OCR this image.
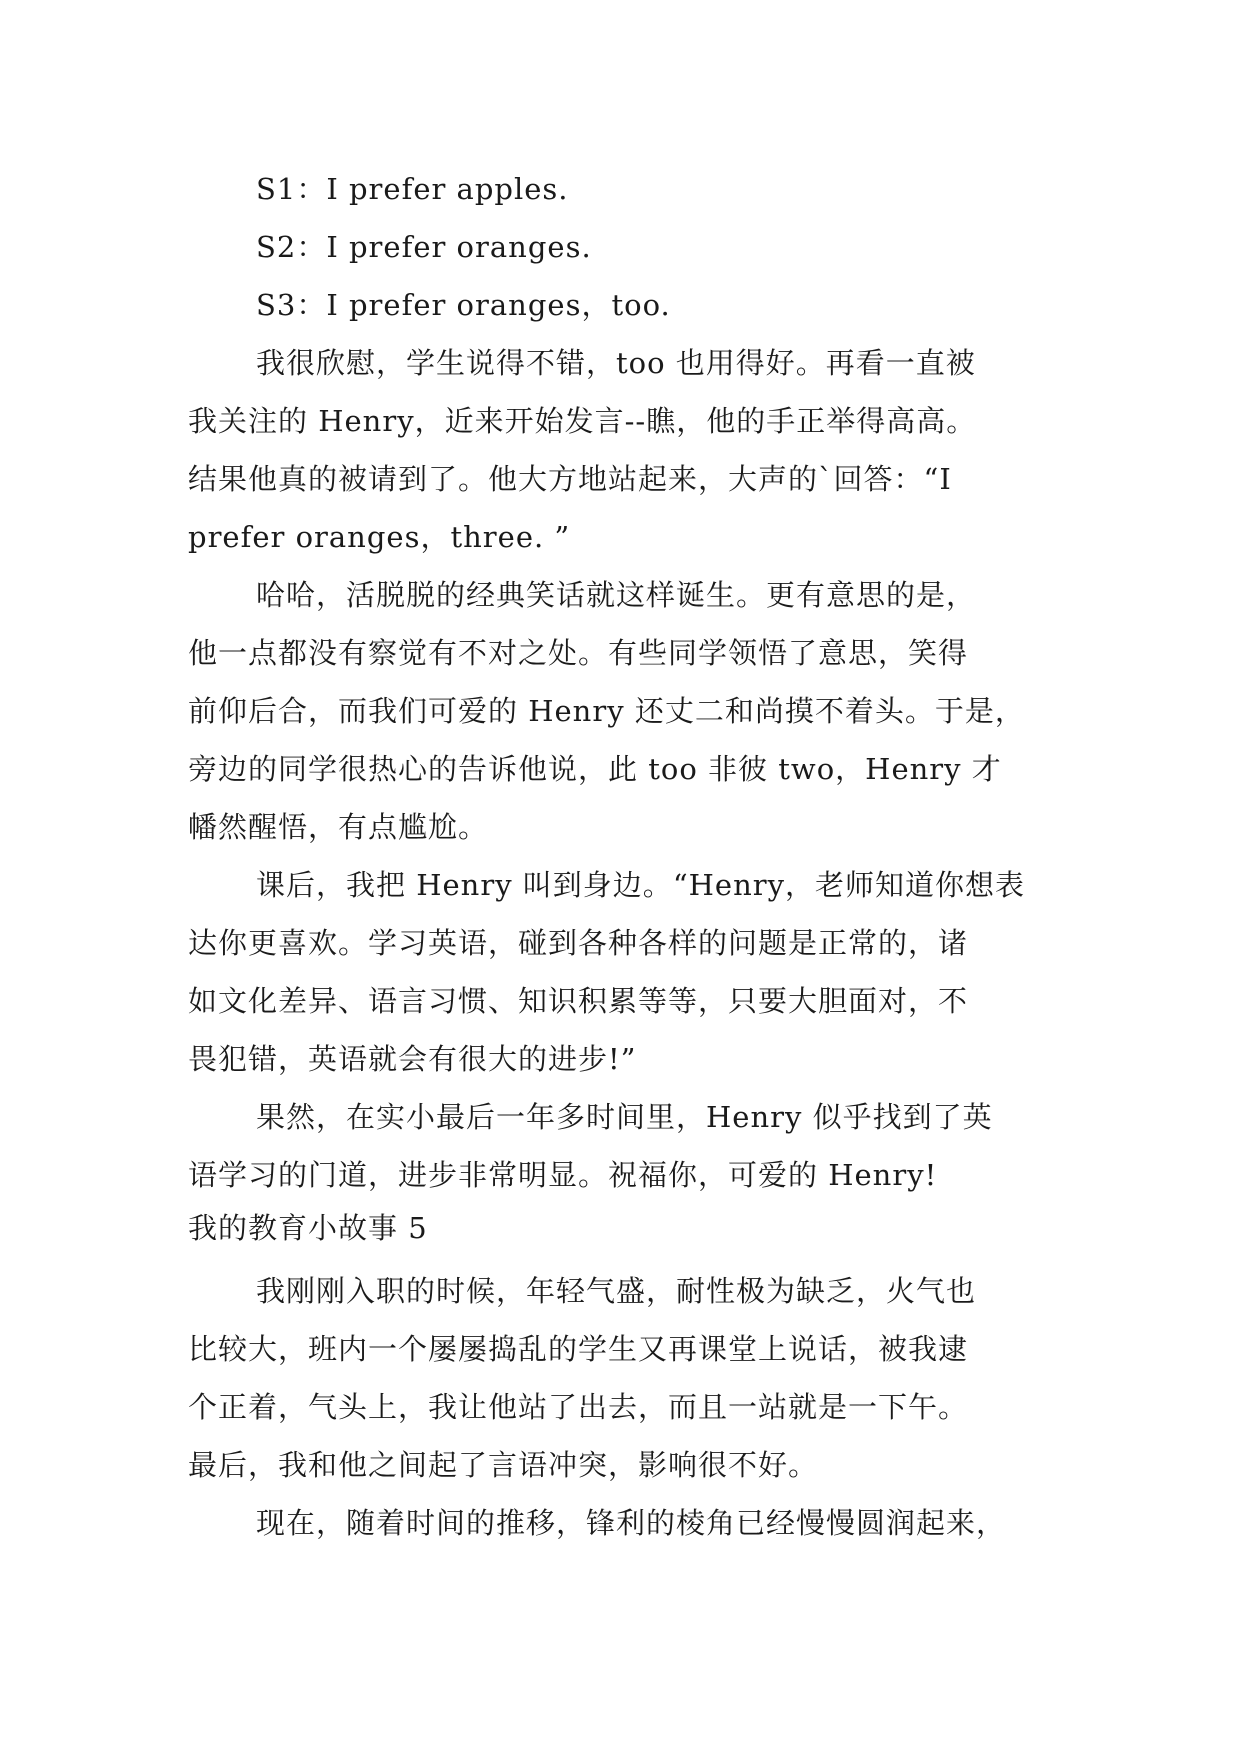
S1：I prefer apples.
S2：I prefer oranges.
S3：I prefer oranges，too.
我很欣慰，学生说得不错，too 也用得好。再看一直被
我关注的 Henry，近来开始发言--瞧，他的手正举得高高。
结果他真的被请到了。他大方地站起来，大声的`回答：“I
prefer oranges，three. ”
哈哈，活脱脱的经典笑话就这样诞生。更有意思的是，
他一点都没有察觉有不对之处。有些同学领悟了意思，笑得
前仰后合，而我们可爱的 Henry 还丈二和尚摸不着头。于是，
旁边的同学很热心的告诉他说，此 too 非彼 two，Henry 才
幡然醒悟，有点尴尬。
课后，我把 Henry 叫到身边。“Henry，老师知道你想表
达你更喜欢。学习英语，碰到各种各样的问题是正常的，诸
如文化差异、语言习惯、知识积累等等，只要大胆面对，不
畏犯错，英语就会有很大的进步!”
果然，在实小最后一年多时间里，Henry 似乎找到了英
语学习的门道，进步非常明显。祝福你，可爱的 Henry!
我的教育小故事 5
我刚刚入职的时候，年轻气盛，耐性极为缺乏，火气也
比较大，班内一个屡屡捣乱的学生又再课堂上说话，被我逮
个正着，气头上，我让他站了出去，而且一站就是一下午。
最后，我和他之间起了言语冲突，影响很不好。
现在，随着时间的推移，锋利的棱角已经慢慢圆润起来，
